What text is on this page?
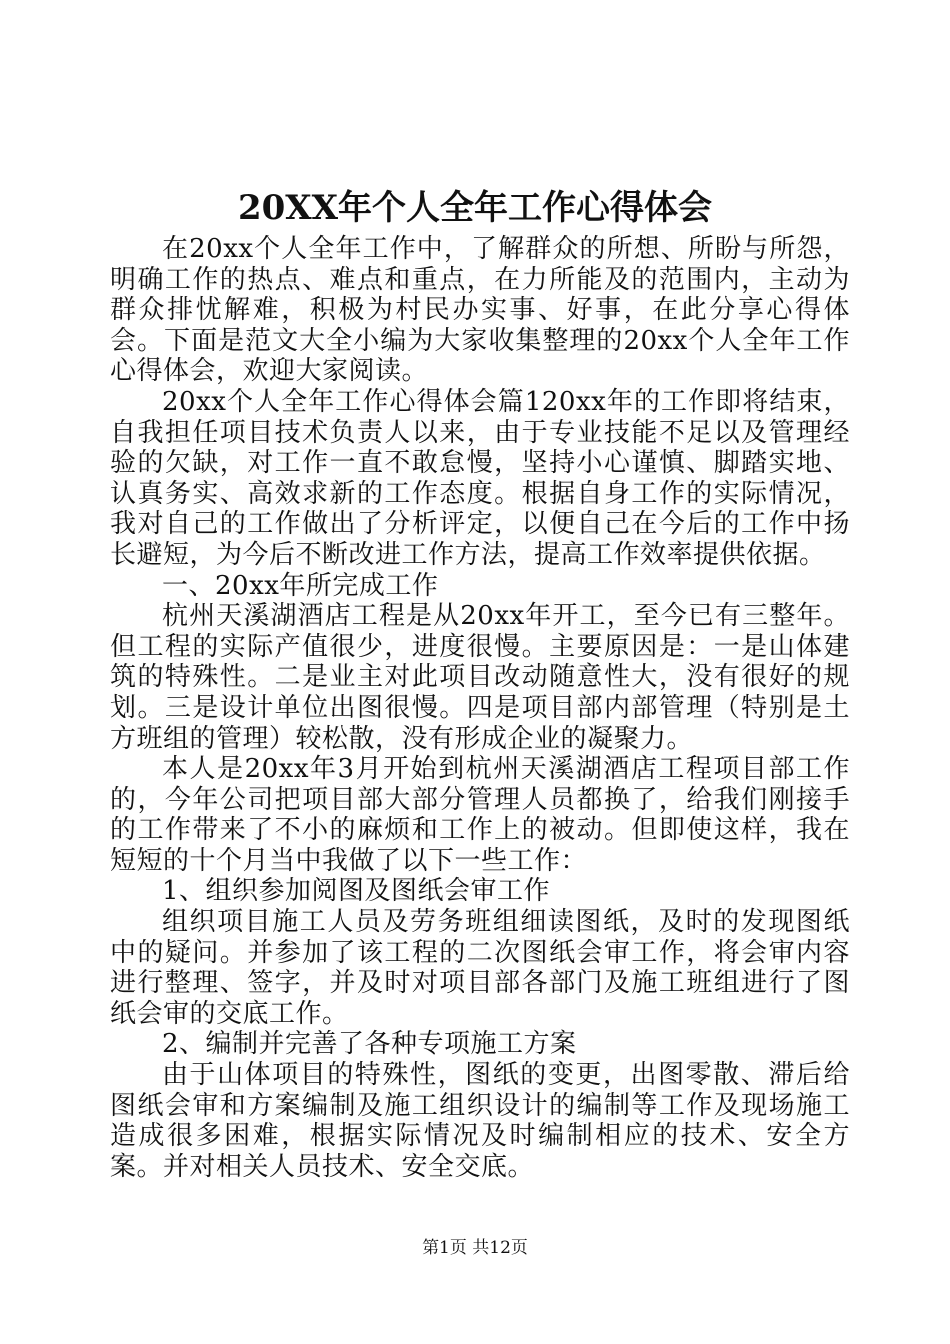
20XX年个人全年工作心得体会

在20xx个人全年工作中，了解群众的所想、所盼与所怨，明确工作的热点、难点和重点，在力所能及的范围内，主动为群众排忧解难，积极为村民办实事、好事，在此分享心得体会。下面是范文大全小编为大家收集整理的20xx个人全年工作心得体会，欢迎大家阅读。

20xx个人全年工作心得体会篇120xx年的工作即将结束，自我担任项目技术负责人以来，由于专业技能不足以及管理经验的欠缺，对工作一直不敢怠慢，坚持小心谨慎、脚踏实地、认真务实、高效求新的工作态度。根据自身工作的实际情况，我对自己的工作做出了分析评定，以便自己在今后的工作中扬长避短，为今后不断改进工作方法，提高工作效率提供依据。

一、20xx年所完成工作

杭州天溪湖酒店工程是从20xx年开工，至今已有三整年。但工程的实际产值很少，进度很慢。主要原因是：一是山体建筑的特殊性。二是业主对此项目改动随意性大，没有很好的规划。三是设计单位出图很慢。四是项目部内部管理（特别是土方班组的管理）较松散，没有形成企业的凝聚力。

本人是20xx年3月开始到杭州天溪湖酒店工程项目部工作的，今年公司把项目部大部分管理人员都换了，给我们刚接手的工作带来了不小的麻烦和工作上的被动。但即使这样，我在短短的十个月当中我做了以下一些工作：

1、组织参加阅图及图纸会审工作

组织项目施工人员及劳务班组细读图纸，及时的发现图纸中的疑问。并参加了该工程的二次图纸会审工作，将会审内容进行整理、签字，并及时对项目部各部门及施工班组进行了图纸会审的交底工作。

2、编制并完善了各种专项施工方案

由于山体项目的特殊性，图纸的变更，出图零散、滞后给图纸会审和方案编制及施工组织设计的编制等工作及现场施工造成很多困难，根据实际情况及时编制相应的技术、安全方案。并对相关人员技术、安全交底。

第1页 共12页
